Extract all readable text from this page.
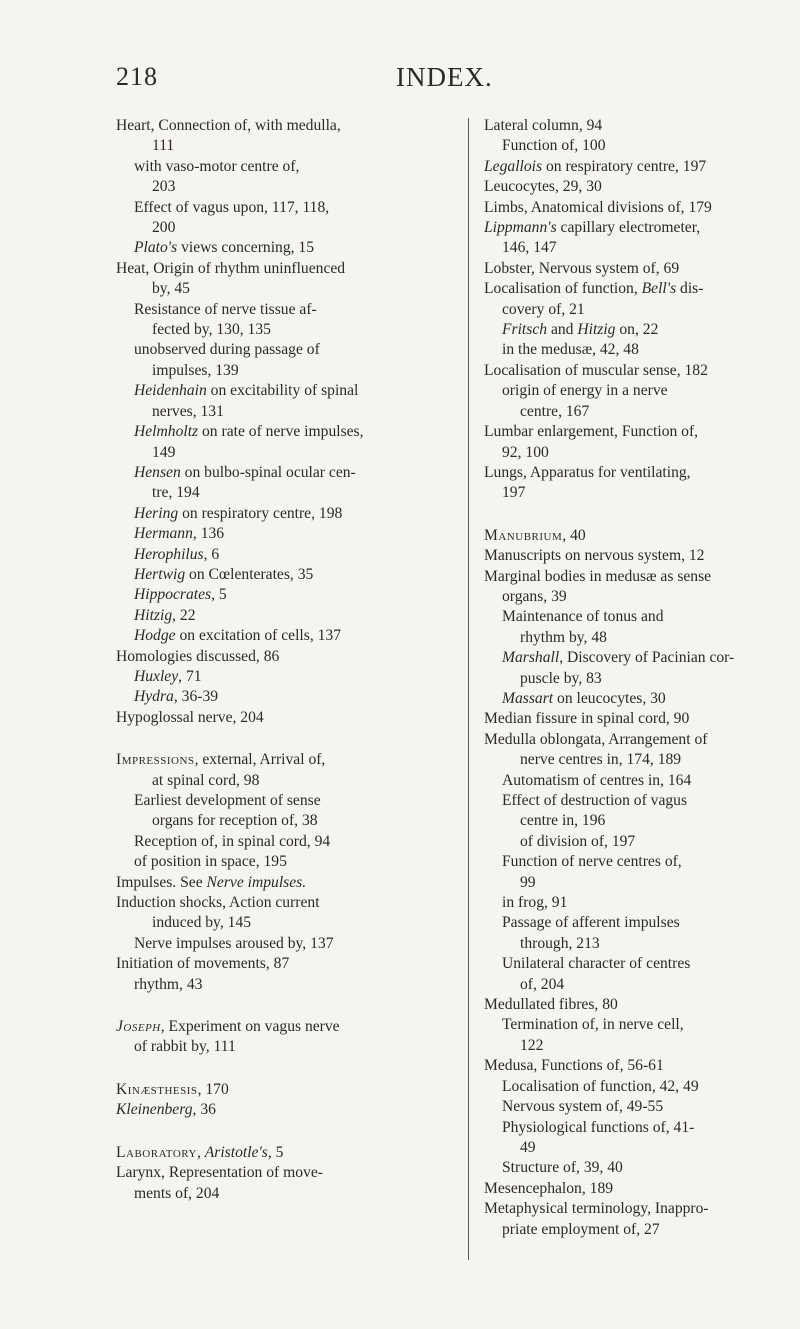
218	INDEX.
Heart, Connection of, with medulla,
111
with vaso-motor centre of,
203
Effect of vagus upon, 117, 118,
200
Plato's views concerning, 15
Heat, Origin of rhythm uninfluenced
by, 45
Resistance of nerve tissue af-
fected by, 130, 135
unobserved during passage of
impulses, 139
Heidenhain on excitability of spinal
nerves, 131
Helmholtz on rate of nerve impulses,
149
Hensen on bulbo-spinal ocular cen-
tre, 194
Hering on respiratory centre, 198
Hermann, 136
Herophilus, 6
Hertwig on Cœlenterates, 35
Hippocrates, 5
Hitzig, 22
Hodge on excitation of cells, 137
Homologies discussed, 86
Huxley, 71
Hydra, 36-39
Hypoglossal nerve, 204
Impressions, external, Arrival of,
at spinal cord, 98
Earliest development of sense
organs for reception of, 38
Reception of, in spinal cord, 94
of position in space, 195
Impulses. See Nerve impulses.
Induction shocks, Action current
induced by, 145
Nerve impulses aroused by, 137
Initiation of movements, 87
rhythm, 43
Joseph, Experiment on vagus nerve
of rabbit by, 111
Kinæsthesis, 170
Kleinenberg, 36
Laboratory, Aristotle's, 5
Larynx, Representation of move-
ments of, 204
Lateral column, 94
Function of, 100
Legallois on respiratory centre, 197
Leucocytes, 29, 30
Limbs, Anatomical divisions of, 179
Lippmann's capillary electrometer,
146, 147
Lobster, Nervous system of, 69
Localisation of function, Bell's dis-
covery of, 21
Fritsch and Hitzig on, 22
in the medusæ, 42, 48
Localisation of muscular sense, 182
origin of energy in a nerve
centre, 167
Lumbar enlargement, Function of,
92, 100
Lungs, Apparatus for ventilating,
197
Manubrium, 40
Manuscripts on nervous system, 12
Marginal bodies in medusæ as sense
organs, 39
Maintenance of tonus and
rhythm by, 48
Marshall, Discovery of Pacinian cor-
puscle by, 83
Massart on leucocytes, 30
Median fissure in spinal cord, 90
Medulla oblongata, Arrangement of
nerve centres in, 174, 189
Automatism of centres in, 164
Effect of destruction of vagus
centre in, 196
of division of, 197
Function of nerve centres of,
99
in frog, 91
Passage of afferent impulses
through, 213
Unilateral character of centres
of, 204
Medullated fibres, 80
Termination of, in nerve cell,
122
Medusa, Functions of, 56-61
Localisation of function, 42, 49
Nervous system of, 49-55
Physiological functions of, 41-
49
Structure of, 39, 40
Mesencephalon, 189
Metaphysical terminology, Inappro-
priate employment of, 27
